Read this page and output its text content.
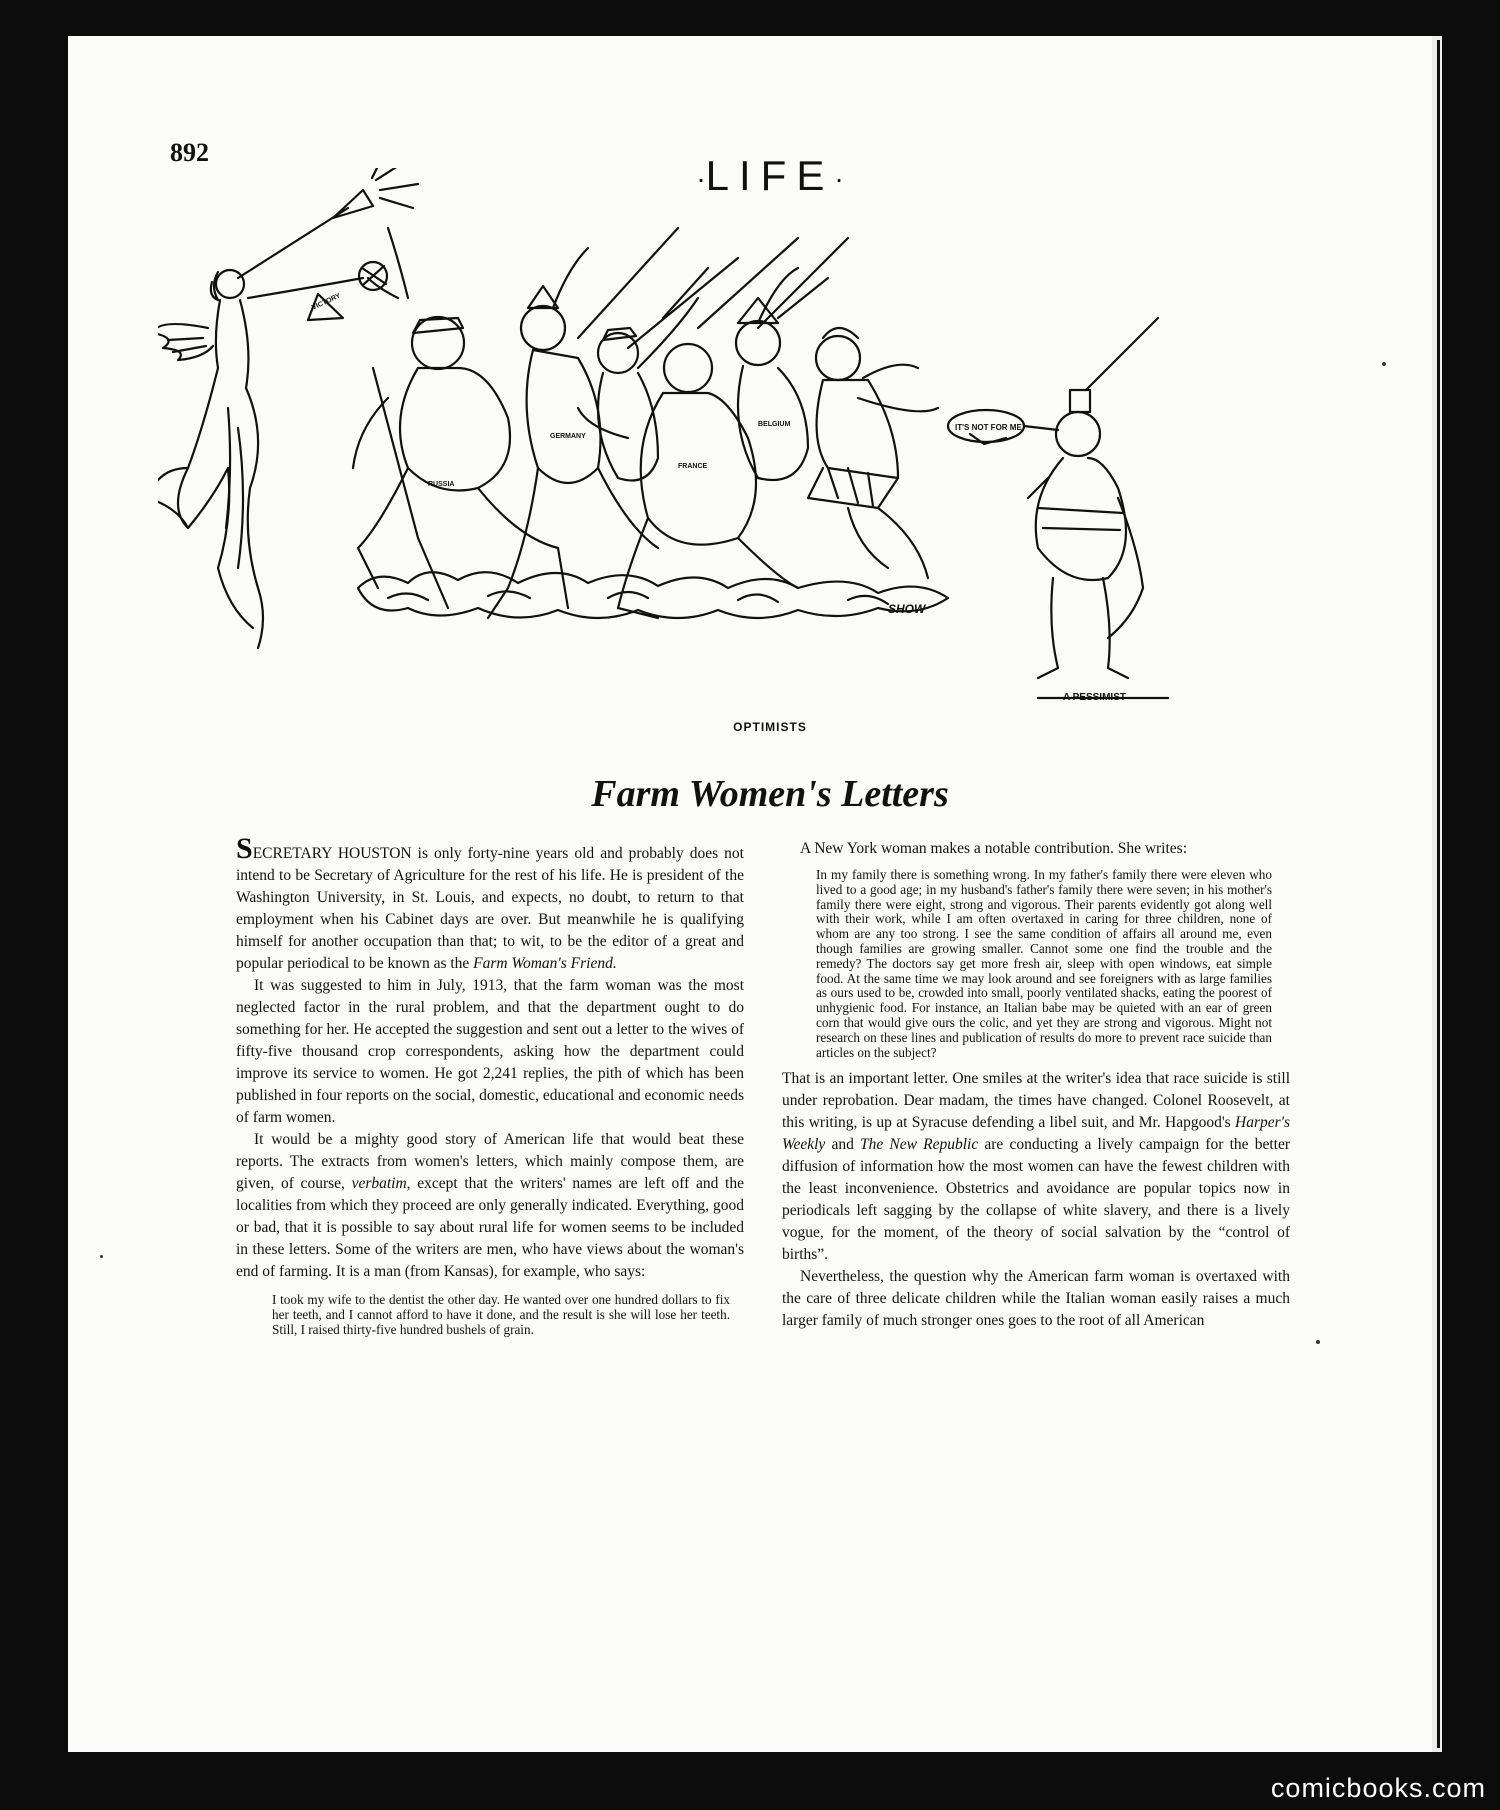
892
·LIFE·
IT'S NOT FOR ME
VICTORY
RUSSIA
GERMANY
FRANCE
BELGIUM
SHOW
A PESSIMIST
OPTIMISTS
Farm Women's Letters

SECRETARY HOUSTON is only forty-nine years old and probably does not intend to be Secretary of Agriculture for the rest of his life. He is president of the Washington University, in St. Louis, and expects, no doubt, to return to that employment when his Cabinet days are over. But meanwhile he is qualifying himself for another occupation than that; to wit, to be the editor of a great and popular periodical to be known as the Farm Woman's Friend.

It was suggested to him in July, 1913, that the farm woman was the most neglected factor in the rural problem, and that the department ought to do something for her. He accepted the suggestion and sent out a letter to the wives of fifty-five thousand crop correspondents, asking how the department could improve its service to women. He got 2,241 replies, the pith of which has been published in four reports on the social, domestic, educational and economic needs of farm women.

It would be a mighty good story of American life that would beat these reports. The extracts from women's letters, which mainly compose them, are given, of course, verbatim, except that the writers' names are left off and the localities from which they proceed are only generally indicated. Everything, good or bad, that it is possible to say about rural life for women seems to be included in these letters. Some of the writers are men, who have views about the woman's end of farming. It is a man (from Kansas), for example, who says:

I took my wife to the dentist the other day. He wanted over one hundred dollars to fix her teeth, and I cannot afford to have it done, and the result is she will lose her teeth. Still, I raised thirty-five hundred bushels of grain.

A New York woman makes a notable contribution. She writes:

In my family there is something wrong. In my father's family there were eleven who lived to a good age; in my husband's father's family there were seven; in his mother's family there were eight, strong and vigorous. Their parents evidently got along well with their work, while I am often overtaxed in caring for three children, none of whom are any too strong. I see the same condition of affairs all around me, even though families are growing smaller. Cannot some one find the trouble and the remedy? The doctors say get more fresh air, sleep with open windows, eat simple food. At the same time we may look around and see foreigners with as large families as ours used to be, crowded into small, poorly ventilated shacks, eating the poorest of unhygienic food. For instance, an Italian babe may be quieted with an ear of green corn that would give ours the colic, and yet they are strong and vigorous. Might not research on these lines and publication of results do more to prevent race suicide than articles on the subject?

That is an important letter. One smiles at the writer's idea that race suicide is still under reprobation. Dear madam, the times have changed. Colonel Roosevelt, at this writing, is up at Syracuse defending a libel suit, and Mr. Hapgood's Harper's Weekly and The New Republic are conducting a lively campaign for the better diffusion of information how the most women can have the fewest children with the least inconvenience. Obstetrics and avoidance are popular topics now in periodicals left sagging by the collapse of white slavery, and there is a lively vogue, for the moment, of the theory of social salvation by the “control of births”.

Nevertheless, the question why the American farm woman is overtaxed with the care of three delicate children while the Italian woman easily raises a much larger family of much stronger ones goes to the root of all American

comicbooks.com
